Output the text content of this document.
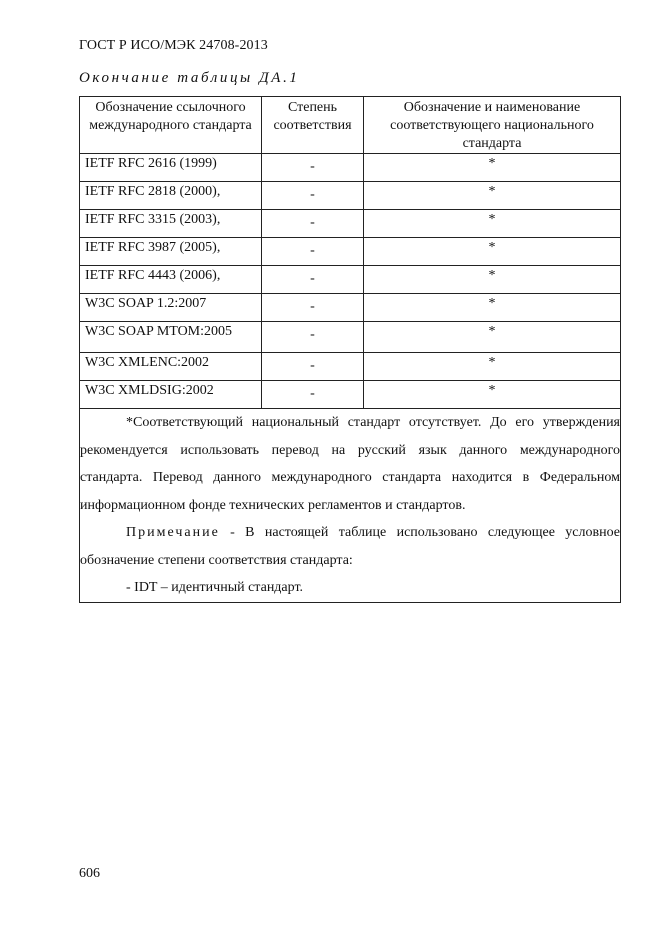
ГОСТ Р ИСО/МЭК 24708-2013
Окончание таблицы ДА.1
Обозначение ссылочного международного стандарта	Степень соответствия	Обозначение и наименование соответствующего национального стандарта

IETF RFC 2616 (1999)	-	*
IETF RFC 2818 (2000),	-	*
IETF RFC 3315 (2003),	-	*
IETF RFC 3987 (2005),	-	*
IETF RFC 4443 (2006),	-	*
W3C SOAP 1.2:2007	-	*
W3C SOAP MTOM:2005	-	*
W3C XMLENC:2002	-	*
W3C XMLDSIG:2002	-	*

*Соответствующий национальный стандарт отсутствует. До его утверждения рекомендуется использовать перевод на русский язык данного международного стандарта. Перевод данного международного стандарта находится в Федеральном информационном фонде технических регламентов и стандартов.
Примечание - В настоящей таблице использовано следующее условное обозначение степени соответствия стандарта:
- IDT – идентичный стандарт.		
606
